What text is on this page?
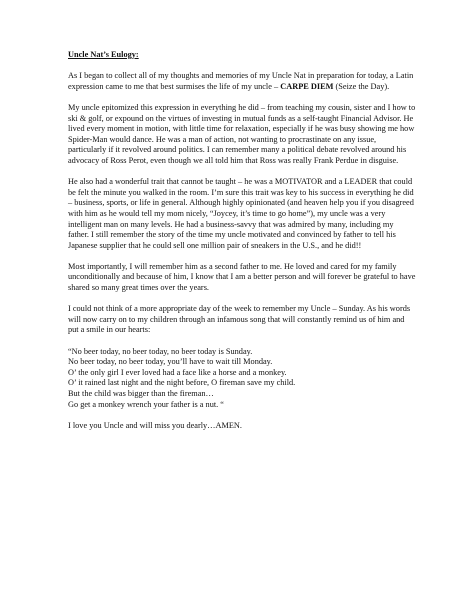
Uncle Nat’s Eulogy:

As I began to collect all of my thoughts and memories of my Uncle Nat in preparation for today, a Latin expression came to me that best surmises the life of my uncle – CARPE DIEM (Seize the Day).

My uncle epitomized this expression in everything he did – from teaching my cousin, sister and I how to ski & golf, or expound on the virtues of investing in mutual funds as a self-taught Financial Advisor. He lived every moment in motion, with little time for relaxation, especially if he was busy showing me how Spider-Man would dance. He was a man of action, not wanting to procrastinate on any issue, particularly if it revolved around politics. I can remember many a political debate revolved around his advocacy of Ross Perot, even though we all told him that Ross was really Frank Perdue in disguise.

He also had a wonderful trait that cannot be taught – he was a MOTIVATOR and a LEADER that could be felt the minute you walked in the room. I’m sure this trait was key to his success in everything he did – business, sports, or life in general. Although highly opinionated (and heaven help you if you disagreed with him as he would tell my mom nicely, “Joycey, it’s time to go home”), my uncle was a very intelligent man on many levels. He had a business-savvy that was admired by many, including my father. I still remember the story of the time my uncle motivated and convinced by father to tell his Japanese supplier that he could sell one million pair of sneakers in the U.S., and he did!!

Most importantly, I will remember him as a second father to me. He loved and cared for my family unconditionally and because of him, I know that I am a better person and will forever be grateful to have shared so many great times over the years.

I could not think of a more appropriate day of the week to remember my Uncle – Sunday. As his words will now carry on to my children through an infamous song that will constantly remind us of him and put a smile in our hearts:

“No beer today, no beer today, no beer today is Sunday.
No beer today, no beer today, you’ll have to wait till Monday.
O’ the only girl I ever loved had a face like a horse and a monkey.
O’ it rained last night and the night before, O fireman save my child.
But the child was bigger than the fireman…
Go get a monkey wrench your father is a nut. “

I love you Uncle and will miss you dearly…AMEN.
